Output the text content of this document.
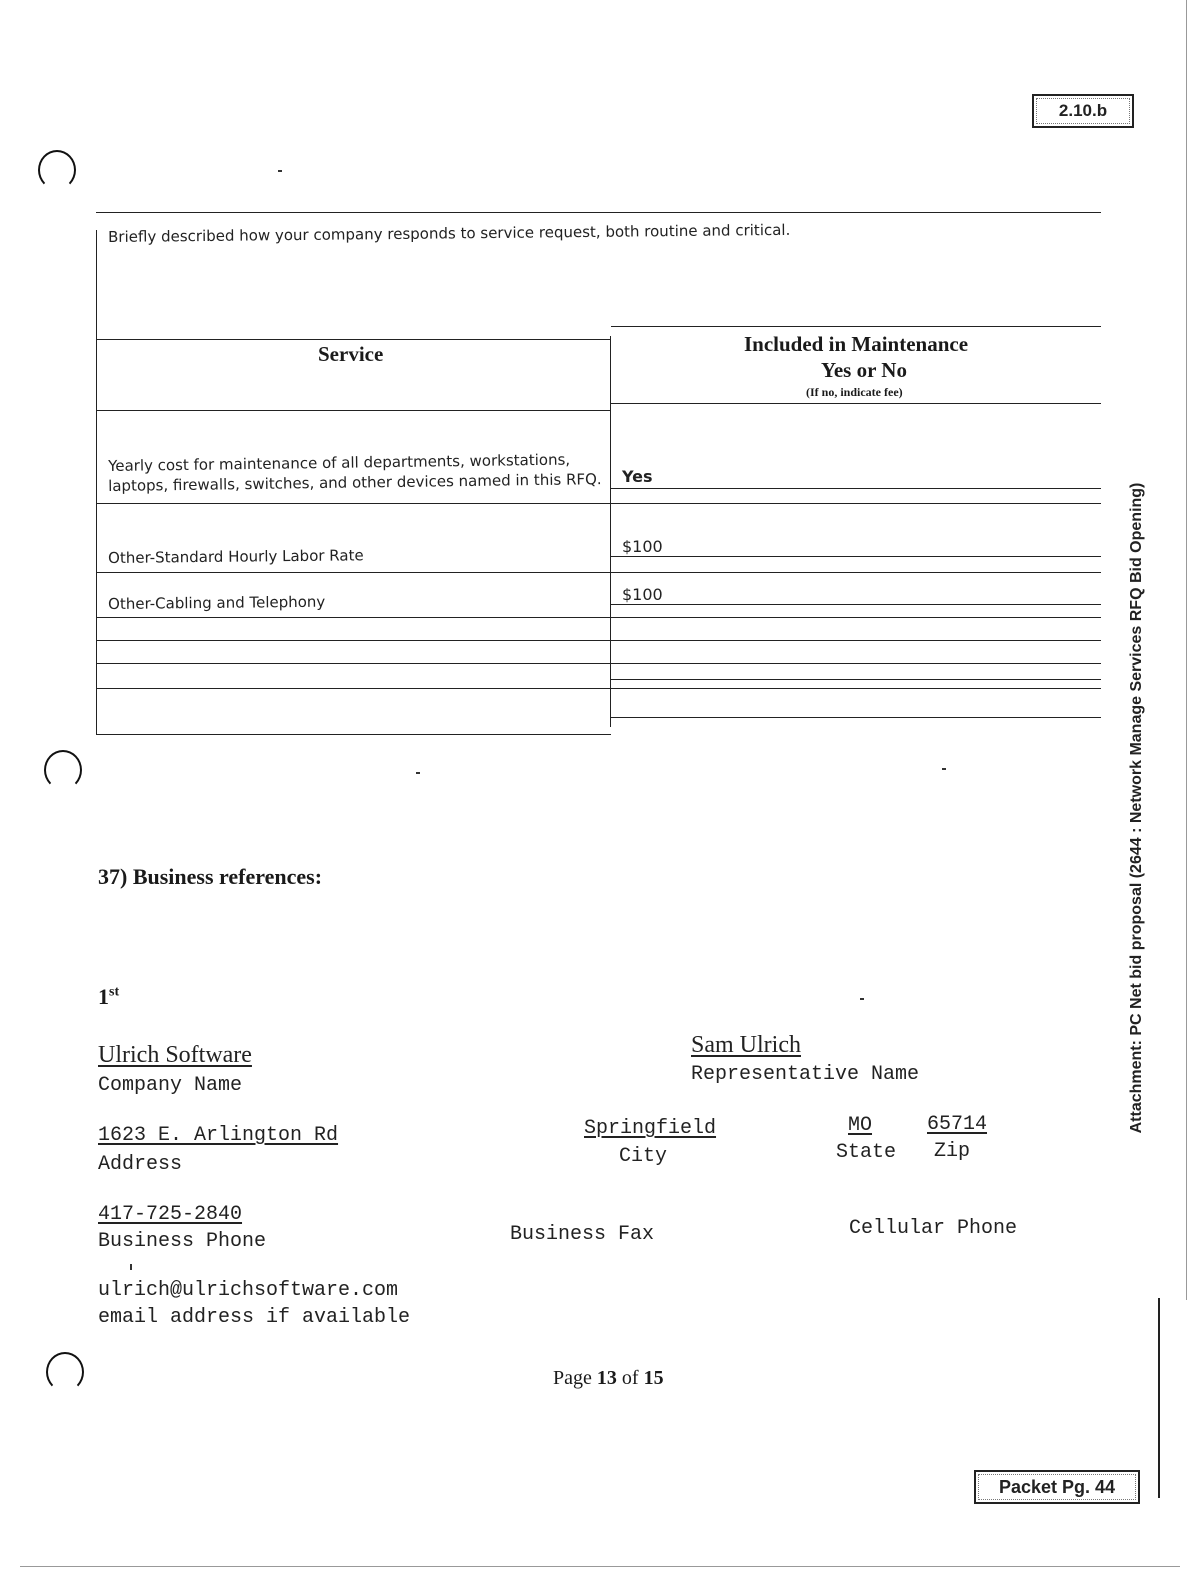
2.10.b
Briefly described how your company responds to service request, both routine and critical.
Service	Included in Maintenance
Yes or No
(If no, indicate fee)
Yearly cost for maintenance of all departments, workstations,
laptops, firewalls, switches, and other devices named in this RFQ. Yes
Other-Standard Hourly Labor Rate	$100
Other-Cabling and Telephony	$100
37) Business references:
1st
Ulrich Software
Company Name
Sam Ulrich
Representative Name
1623 E. Arlington Rd
Address
Springfield
City
MO
State
65714
Zip
417-725-2840
Business Phone	Business Fax	Cellular Phone
ulrich@ulrichsoftware.com
email address if available
Page 13 of 15
Packet Pg. 44
Attachment: PC Net bid proposal (2644 : Network Manage Services RFQ Bid Opening)
